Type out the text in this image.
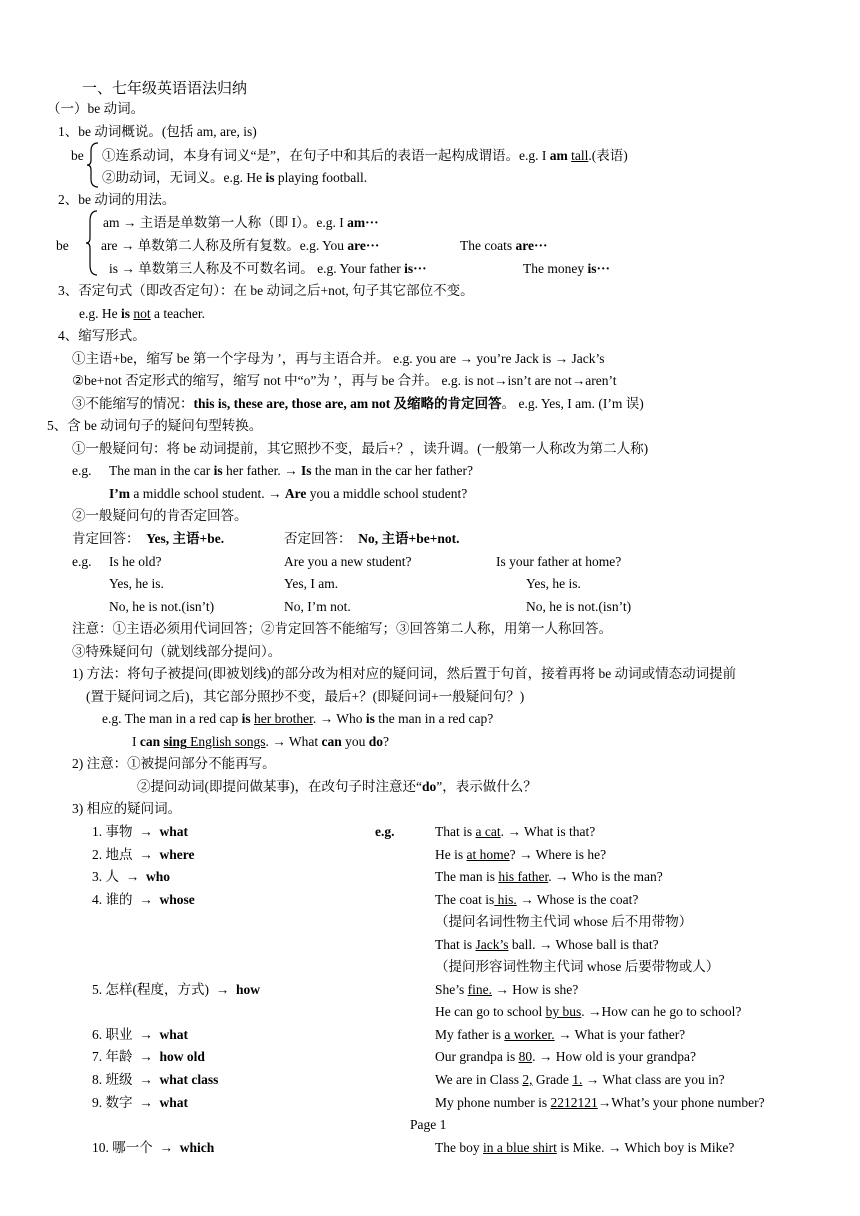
一、七年级英语语法归纳
（一）be 动词。
1、be 动词概说。(包括 am, are, is)
be ①连系动词，本身有词义“是”，在句子中和其后的表语一起构成谓语。e.g. I am tall.(表语)
②助动词，无词义。e.g. He is playing football.
2、be 动词的用法。
be
am → 主语是单数第一人称（即 I）。e.g. I am···
are → 单数第二人称及所有复数。e.g. You are···	The coats are···
is → 单数第三人称及不可数名词。 e.g. Your father is···	The money is···
3、否定句式（即改否定句）：在 be 动词之后+not, 句子其它部位不变。
e.g. He is not a teacher.
4、缩写形式。
①主语+be，缩写 be 第一个字母为 ’，再与主语合并。 e.g. you are → you’re Jack is → Jack’s
②be+not 否定形式的缩写，缩写 not 中“o”为 ’，再与 be 合并。 e.g. is not→isn’t are not→aren’t
③不能缩写的情况：this is, these are, those are, am not 及缩略的肯定回答。 e.g. Yes, I am. (I’m 误)
5、含 be 动词句子的疑问句型转换。
①一般疑问句：将 be 动词提前，其它照抄不变，最后+？，读升调。(一般第一人称改为第二人称)
e.g. The man in the car is her father. → Is the man in the car her father?
I’m a middle school student. → Are you a middle school student?
②一般疑问句的肯否定回答。
肯定回答： Yes, 主语+be.	否定回答： No, 主语+be+not.
e.g. Is he old?	Are you a new student?	Is your father at home?
Yes, he is.	Yes, I am.	Yes, he is.
No, he is not.(isn’t)	No, I’m not.	No, he is not.(isn’t)
注意：①主语必须用代词回答；②肯定回答不能缩写；③回答第二人称，用第一人称回答。
③特殊疑问句（就划线部分提问）。
1) 方法：将句子被提问(即被划线)的部分改为相对应的疑问词，然后置于句首，接着再将 be 动词或情态动词提前
(置于疑问词之后)，其它部分照抄不变，最后+？(即疑问词+一般疑问句？)
e.g. The man in a red cap is her brother. → Who is the man in a red cap?
I can sing English songs. → What can you do?
2) 注意：①被提问部分不能再写。
②提问动词(即提问做某事)，在改句子时注意还“do”，表示做什么？
3) 相应的疑问词。
e.g.
1. 事物 → what	That is a cat. → What is that?
2. 地点 → where	He is at home? → Where is he?
3. 人 → who	The man is his father. → Who is the man?
4. 谁的 → whose	The coat is his. → Whose is the coat?
（提问名词性物主代词 whose 后不用带物）
That is Jack’s ball. → Whose ball is that?
（提问形容词性物主代词 whose 后要带物或人）
5. 怎样(程度，方式) → how	She’s fine. → How is she?
He can go to school by bus. →How can he go to school?
6. 职业 → what	My father is a worker. → What is your father?
7. 年龄 → how old	Our grandpa is 80. → How old is your grandpa?
8. 班级 → what class	We are in Class 2, Grade 1. → What class are you in?
9. 数字 → what	My phone number is 2212121→What’s your phone number?
Page 1
10. 哪一个 → which	The boy in a blue shirt is Mike. → Which boy is Mike?
